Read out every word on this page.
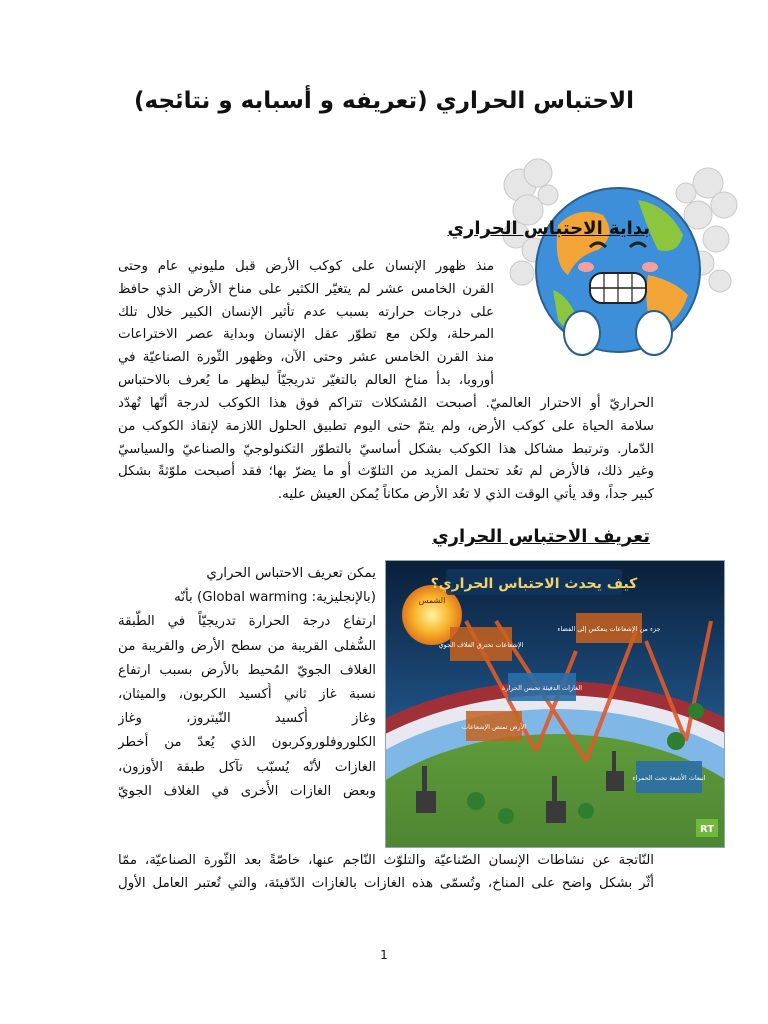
الاحتباس الحراري (تعريفه و أسبابه و نتائجه)
بداية الاحتباس الحراري
منذ ظهور الإنسان على كوكب الأرض قبل مليوني عام وحتى
القرن الخامس عشر لم يتغيّر الكثير على مناخ الأرض الذي حافظ
على درجات حرارته بسبب عدم تأثير الإنسان الكبير خلال تلك
المرحلة، ولكن مع تطوّر عقل الإنسان وبداية عصر الاختراعات
منذ القرن الخامس عشر وحتى الآن، وظهور الثّورة الصناعيّة في
أوروبا، بدأ مناخ العالم بالتغيّر تدريجيّاً ليظهر ما يُعرف بالاحتباس
الحراريّ أو الاحترار العالميّ. أصبحت المُشكلات تتراكم فوق هذا الكوكب لدرجة أنّها تُهدّد
سلامة الحياة على كوكب الأرض، ولم يتمّ حتى اليوم تطبيق الحلول اللازمة لإنقاذ الكوكب من
الدّمار. وترتبط مشاكل هذا الكوكب بشكل أساسيّ بالتطوّر التكنولوجيّ والصناعيّ والسياسيّ
وغير ذلك، فالأرض لم تعُد تحتمل المزيد من التلوّث أو ما يضرّ بها؛ فقد أصبحت ملوّثةً بشكل
كبير جداً، وقد يأتي الوقت الذي لا تعُد الأرض مكاناً يُمكن العيش عليه.
تعريف الاحتباس الحراري
يمكن تعريف الاحتباس الحراري
(بالإنجليزية: Global warming) بأنّه
ارتفاع درجة الحرارة تدريجيّاً في الطّبقة
السُّفلى القريبة من سطح الأرض والقريبة من
الغلاف الجويّ المُحيط بالأرض بسبب ارتفاع
نسبة غاز ثاني أُكسيد الكربون، والميثان،
وغاز أُكسيد النّيتروز، وغاز
الكلوروفلوروكربون الذي يُعدّ من أخطر
الغازات لأنّه يُسبّب تآكل طبقة الأوزون،
وبعض الغازات الأُخرى في الغلاف الجويّ
الشمس
كيف يحدث الاحتباس الحراري؟
الإشعاعات تخترق الغلاف الجوي
جزء من الإشعاعات ينعكس إلى الفضاء
الغازات الدفيئة تحبس الحرارة
الأرض تمتص الإشعاعات
انبعاث الأشعة تحت الحمراء
RT
النّاتجة عن نشاطات الإنسان الصّناعيّة والتلوّث النّاجم عنها، خاصّةً بعد الثّورة الصناعيّة، ممّا
أثّر بشكل واضح على المناخ، وتُسمّى هذه الغازات بالغازات الدّفيئة، والتي تُعتبر العامل الأول

1
